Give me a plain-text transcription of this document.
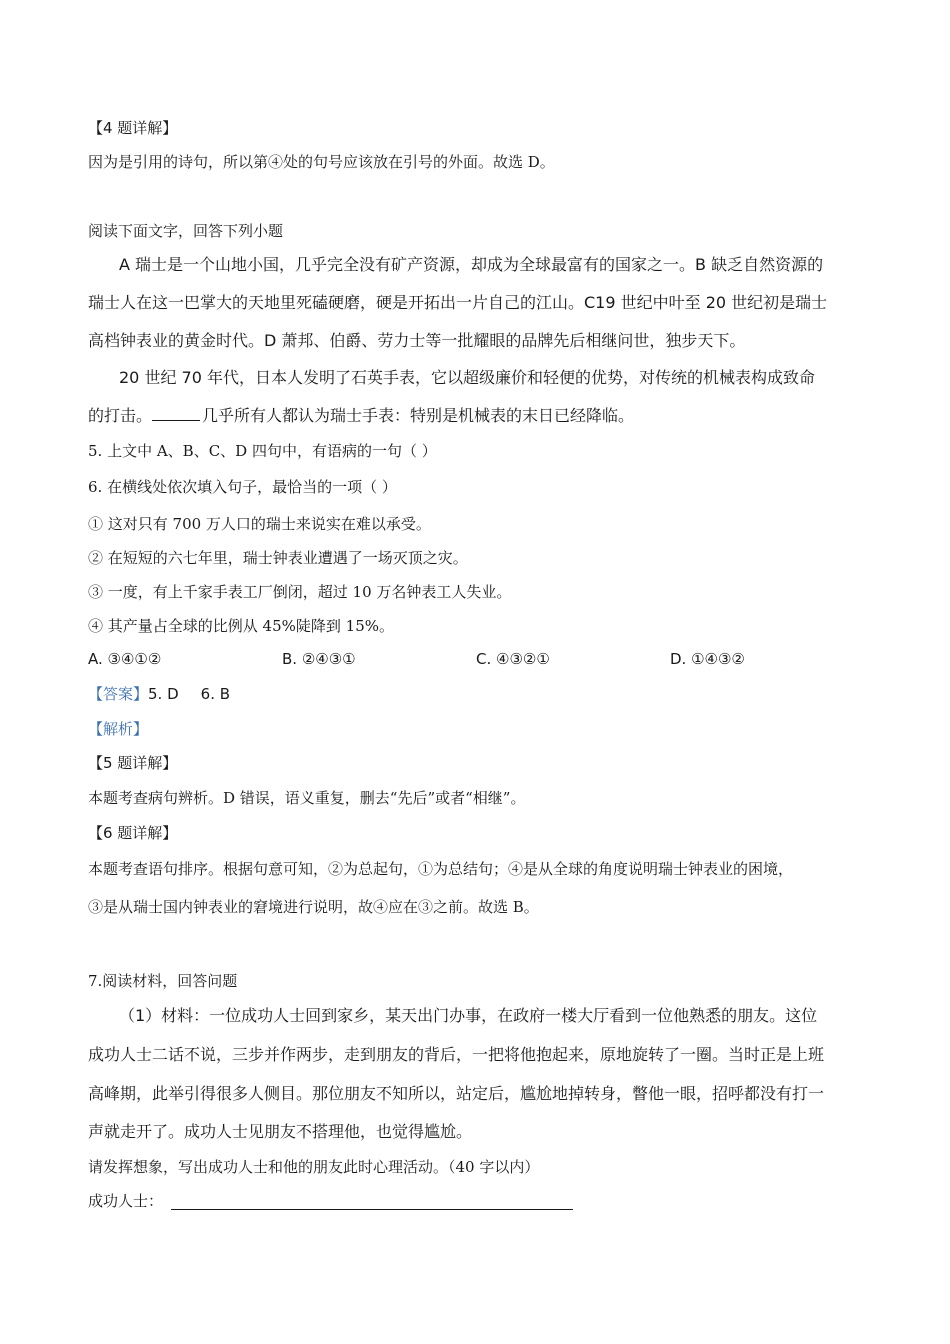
【4 题详解】
因为是引用的诗句，所以第④处的句号应该放在引号的外面。故选 D。
阅读下面文字，回答下列小题
A 瑞士是一个山地小国，几乎完全没有矿产资源，却成为全球最富有的国家之一。B 缺乏自然资源的
瑞士人在这一巴掌大的天地里死磕硬磨，硬是开拓出一片自己的江山。C19 世纪中叶至 20 世纪初是瑞士
高档钟表业的黄金时代。D 萧邦、伯爵、劳力士等一批耀眼的品牌先后相继问世，独步天下。
20 世纪 70 年代，日本人发明了石英手表，它以超级廉价和轻便的优势，对传统的机械表构成致命
的打击。	几乎所有人都认为瑞士手表：特别是机械表的末日已经降临。
5. 上文中 A、B、C、D 四句中，有语病的一句（ ）
6. 在横线处依次填入句子，最恰当的一项（ ）
① 这对只有 700 万人口的瑞士来说实在难以承受。
② 在短短的六七年里，瑞士钟表业遭遇了一场灭顶之灾。
③ 一度，有上千家手表工厂倒闭，超过 10 万名钟表工人失业。
④ 其产量占全球的比例从 45%陡降到 15%。
A. ③④①②	B. ②④③①	C. ④③②①	D. ①④③②
【答案】5. D 6. B
【解析】
【5 题详解】
本题考查病句辨析。D 错误，语义重复，删去“先后”或者“相继”。
【6 题详解】
本题考查语句排序。根据句意可知，②为总起句，①为总结句；④是从全球的角度说明瑞士钟表业的困境，
③是从瑞士国内钟表业的窘境进行说明，故④应在③之前。故选 B。
7.阅读材料，回答问题
（1）材料：一位成功人士回到家乡，某天出门办事，在政府一楼大厅看到一位他熟悉的朋友。这位
成功人士二话不说，三步并作两步，走到朋友的背后，一把将他抱起来，原地旋转了一圈。当时正是上班
高峰期，此举引得很多人侧目。那位朋友不知所以，站定后，尴尬地掉转身，瞥他一眼，招呼都没有打一
声就走开了。成功人士见朋友不搭理他，也觉得尴尬。
请发挥想象，写出成功人士和他的朋友此时心理活动。（40 字以内）
成功人士：
